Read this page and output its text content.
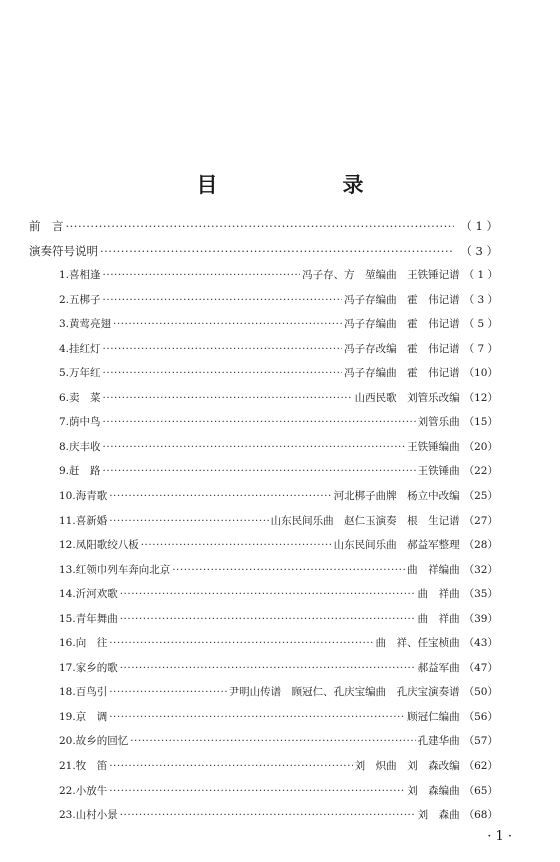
目　录
前　言 ·····	（ 1 ）
演奏符号说明 ·····	（ 3 ）
1. 喜相逢 ·····	冯子存、方　堃编曲　王铁锤记谱 （ 1 ）
2. 五梆子 ·····	冯子存编曲　霍　伟记谱 （ 3 ）
3. 黄莺亮翅 ·····	冯子存编曲　霍　伟记谱 （ 5 ）
4. 挂红灯 ·····	冯子存改编　霍　伟记谱 （ 7 ）
5. 万年红 ·····	冯子存编曲　霍　伟记谱 （10）
6. 卖　菜 ·····	山西民歌　刘管乐改编 （12）
7. 荫中鸟 ·····	刘管乐曲 （15）
8. 庆丰收 ·····	王铁锤编曲 （20）
9. 赶　路 ·····	王铁锤曲 （22）
10. 海青歌 ·····	河北梆子曲牌　杨立中改编 （25）
11. 喜新婚 ·····	山东民间乐曲　赵仁玉演奏　根　生记谱 （27）
12. 凤阳歌绞八板 ·····	山东民间乐曲　郝益军整理 （28）
13. 红领巾列车奔向北京 ·····	曲　祥编曲 （32）
14. 沂河欢歌 ·····	曲　祥曲 （35）
15. 青年舞曲 ·····	曲　祥曲 （39）
16. 向　往 ·····	曲　祥、任宝桢曲 （43）
17. 家乡的歌 ·····	郝益军曲 （47）
18. 百鸟引 ·····	尹明山传谱　顾冠仁、孔庆宝编曲　孔庆宝演奏谱 （50）
19. 京　调 ·····	顾冠仁编曲 （56）
20. 故乡的回忆 ·····	孔建华曲 （57）
21. 牧　笛 ·····	刘　炽曲　刘　森改编 （62）
22. 小放牛 ·····	刘　森编曲 （65）
23. 山村小景 ·····	刘　森曲 （68）
· 1 ·
